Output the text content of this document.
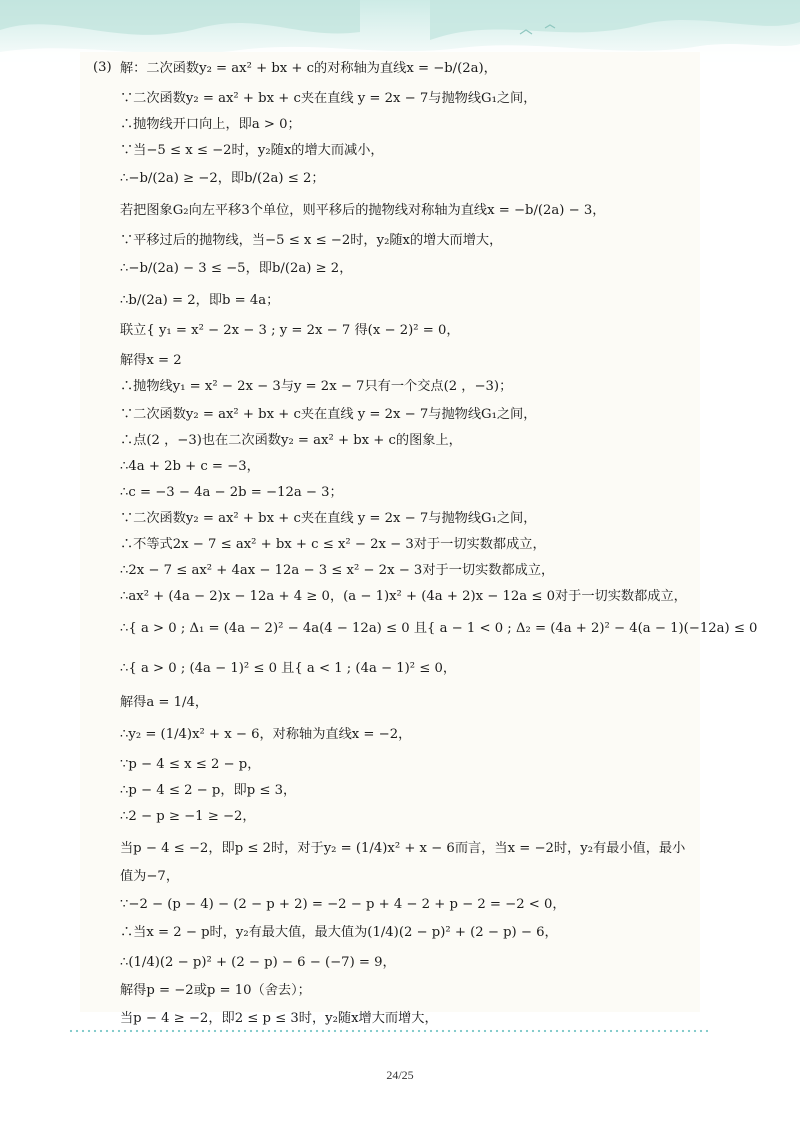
(3) 解：二次函数y₂ = ax² + bx + c的对称轴为直线x = −b/(2a)，
∵二次函数y₂ = ax² + bx + c夹在直线 y = 2x − 7与抛物线G₁之间，
∴抛物线开口向上，即a > 0；
∵当−5 ≤ x ≤ −2时，y₂随x的增大而减小，
∴−b/(2a) ≥ −2，即b/(2a) ≤ 2；
若把图象G₂向左平移3个单位，则平移后的抛物线对称轴为直线x = −b/(2a) − 3，
∵平移过后的抛物线，当−5 ≤ x ≤ −2时，y₂随x的增大而增大，
∴−b/(2a) − 3 ≤ −5，即b/(2a) ≥ 2，
∴b/(2a) = 2，即b = 4a；
联立{ y₁ = x² − 2x − 3 ; y = 2x − 7 得(x − 2)² = 0，
解得x = 2
∴抛物线y₁ = x² − 2x − 3与y = 2x − 7只有一个交点(2 ，−3)；
∵二次函数y₂ = ax² + bx + c夹在直线 y = 2x − 7与抛物线G₁之间，
∴点(2 ，−3)也在二次函数y₂ = ax² + bx + c的图象上，
∴4a + 2b + c = −3，
∴c = −3 − 4a − 2b = −12a − 3；
∵二次函数y₂ = ax² + bx + c夹在直线 y = 2x − 7与抛物线G₁之间，
∴不等式2x − 7 ≤ ax² + bx + c ≤ x² − 2x − 3对于一切实数都成立，
∴2x − 7 ≤ ax² + 4ax − 12a − 3 ≤ x² − 2x − 3对于一切实数都成立，
∴ax² + (4a − 2)x − 12a + 4 ≥ 0，(a − 1)x² + (4a + 2)x − 12a ≤ 0对于一切实数都成立，
∴{ a > 0 ; Δ₁ = (4a − 2)² − 4a(4 − 12a) ≤ 0 且{ a − 1 < 0 ; Δ₂ = (4a + 2)² − 4(a − 1)(−12a) ≤ 0
∴{ a > 0 ; (4a − 1)² ≤ 0 且{ a < 1 ; (4a − 1)² ≤ 0，
解得a = 1/4，
∴y₂ = (1/4)x² + x − 6，对称轴为直线x = −2，
∵p − 4 ≤ x ≤ 2 − p，
∴p − 4 ≤ 2 − p，即p ≤ 3，
∴2 − p ≥ −1 ≥ −2，
当p − 4 ≤ −2，即p ≤ 2时，对于y₂ = (1/4)x² + x − 6而言，当x = −2时，y₂有最小值，最小
值为−7，
∵−2 − (p − 4) − (2 − p + 2) = −2 − p + 4 − 2 + p − 2 = −2 < 0，
∴当x = 2 − p时，y₂有最大值，最大值为(1/4)(2 − p)² + (2 − p) − 6，
∴(1/4)(2 − p)² + (2 − p) − 6 − (−7) = 9，
解得p = −2或p = 10（舍去）；
当p − 4 ≥ −2，即2 ≤ p ≤ 3时，y₂随x增大而增大，
24/25
